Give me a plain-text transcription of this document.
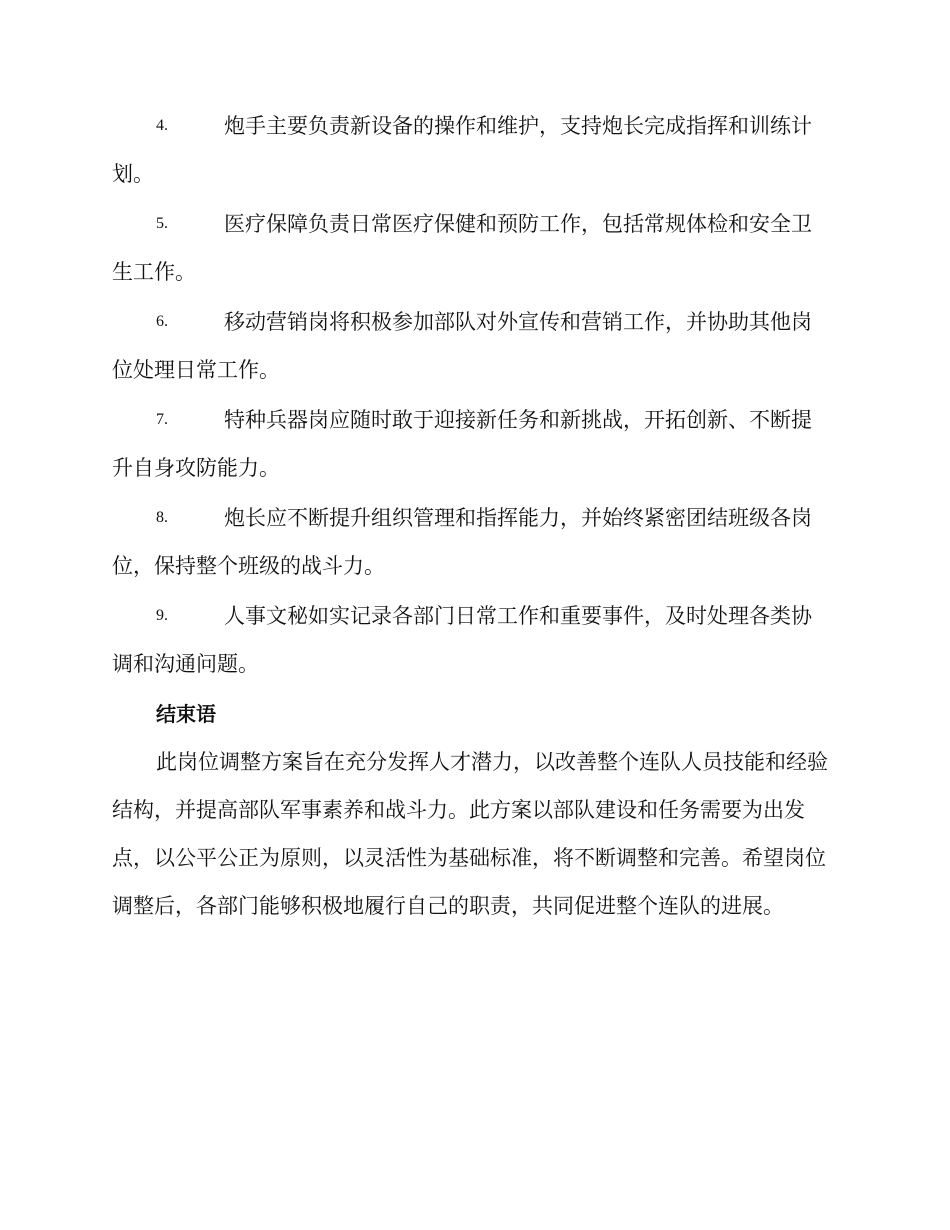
4.	炮手主要负责新设备的操作和维护，支持炮长完成指挥和训练计划。

5.	医疗保障负责日常医疗保健和预防工作，包括常规体检和安全卫生工作。

6.	移动营销岗将积极参加部队对外宣传和营销工作，并协助其他岗位处理日常工作。

7.	特种兵器岗应随时敢于迎接新任务和新挑战，开拓创新、不断提升自身攻防能力。

8.	炮长应不断提升组织管理和指挥能力，并始终紧密团结班级各岗位，保持整个班级的战斗力。

9.	人事文秘如实记录各部门日常工作和重要事件，及时处理各类协调和沟通问题。

结束语

此岗位调整方案旨在充分发挥人才潜力，以改善整个连队人员技能和经验结构，并提高部队军事素养和战斗力。此方案以部队建设和任务需要为出发点，以公平公正为原则，以灵活性为基础标准，将不断调整和完善。希望岗位调整后，各部门能够积极地履行自己的职责，共同促进整个连队的进展。
